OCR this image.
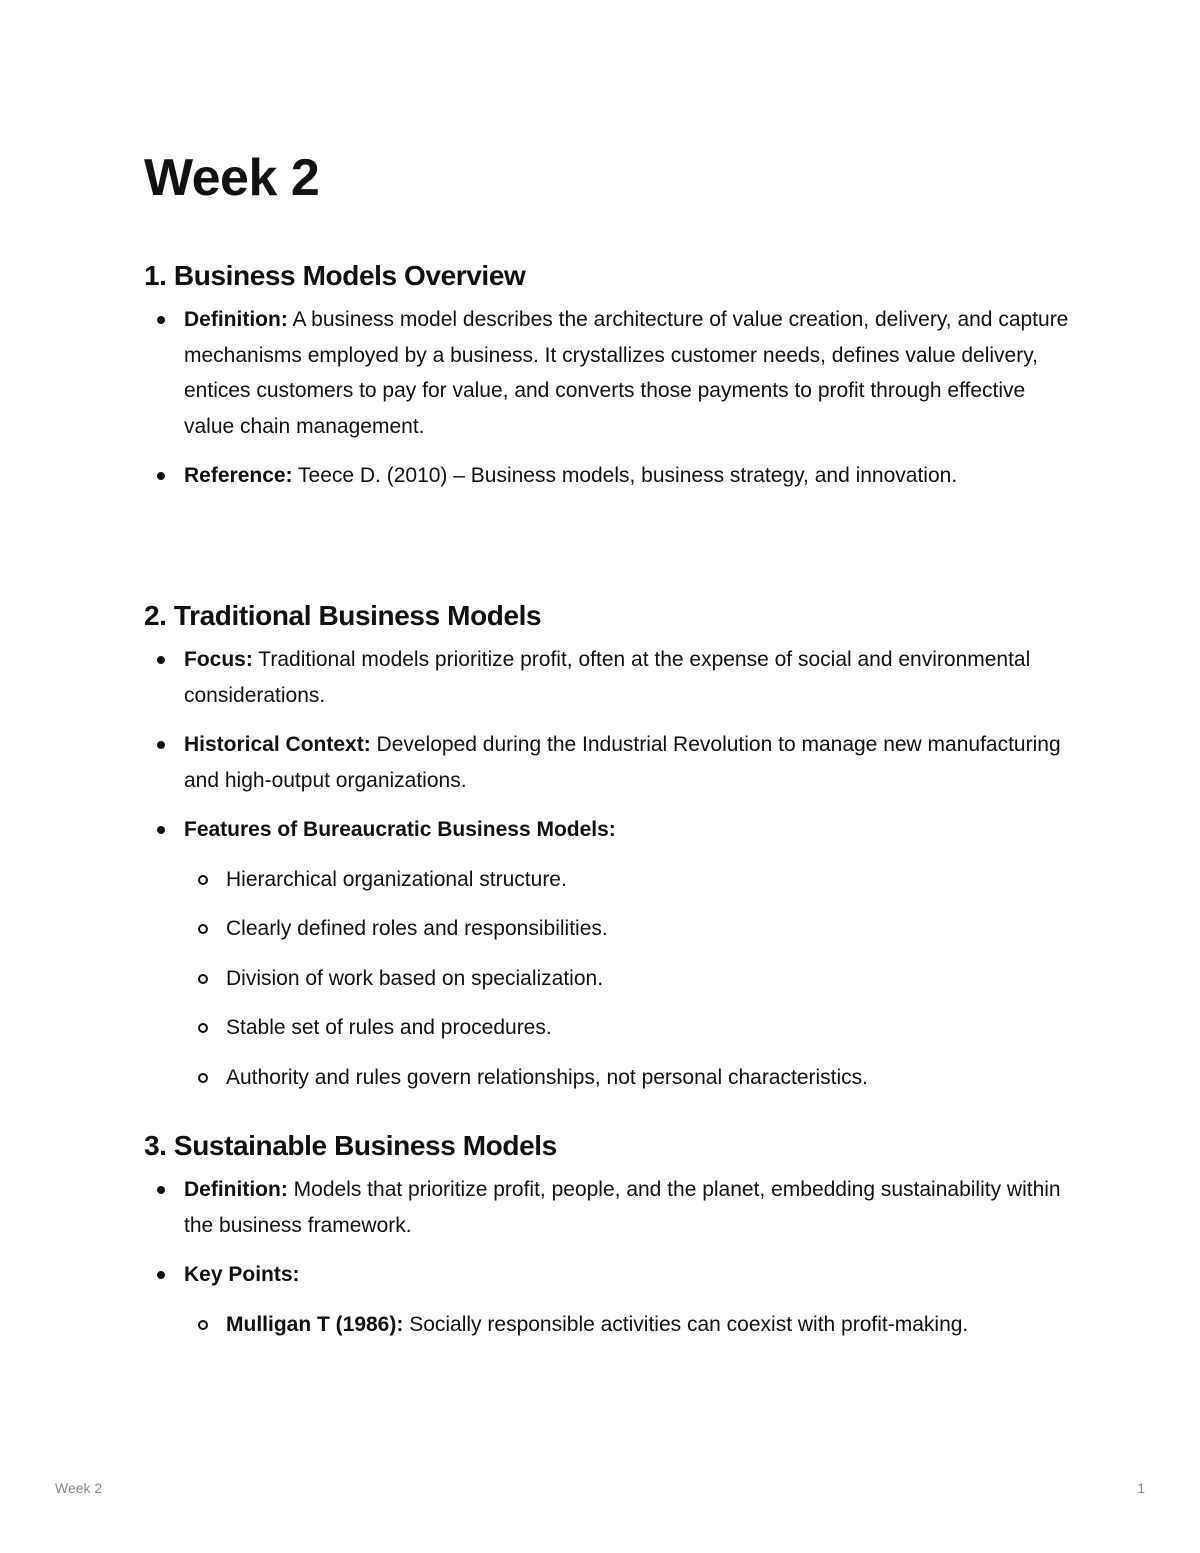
Week 2
1. Business Models Overview
Definition: A business model describes the architecture of value creation, delivery, and capture mechanisms employed by a business. It crystallizes customer needs, defines value delivery, entices customers to pay for value, and converts those payments to profit through effective value chain management.
Reference: Teece D. (2010) – Business models, business strategy, and innovation.
2. Traditional Business Models
Focus: Traditional models prioritize profit, often at the expense of social and environmental considerations.
Historical Context: Developed during the Industrial Revolution to manage new manufacturing and high-output organizations.
Features of Bureaucratic Business Models:
Hierarchical organizational structure.
Clearly defined roles and responsibilities.
Division of work based on specialization.
Stable set of rules and procedures.
Authority and rules govern relationships, not personal characteristics.
3. Sustainable Business Models
Definition: Models that prioritize profit, people, and the planet, embedding sustainability within the business framework.
Key Points:
Mulligan T (1986): Socially responsible activities can coexist with profit-making.
Week 2	1
